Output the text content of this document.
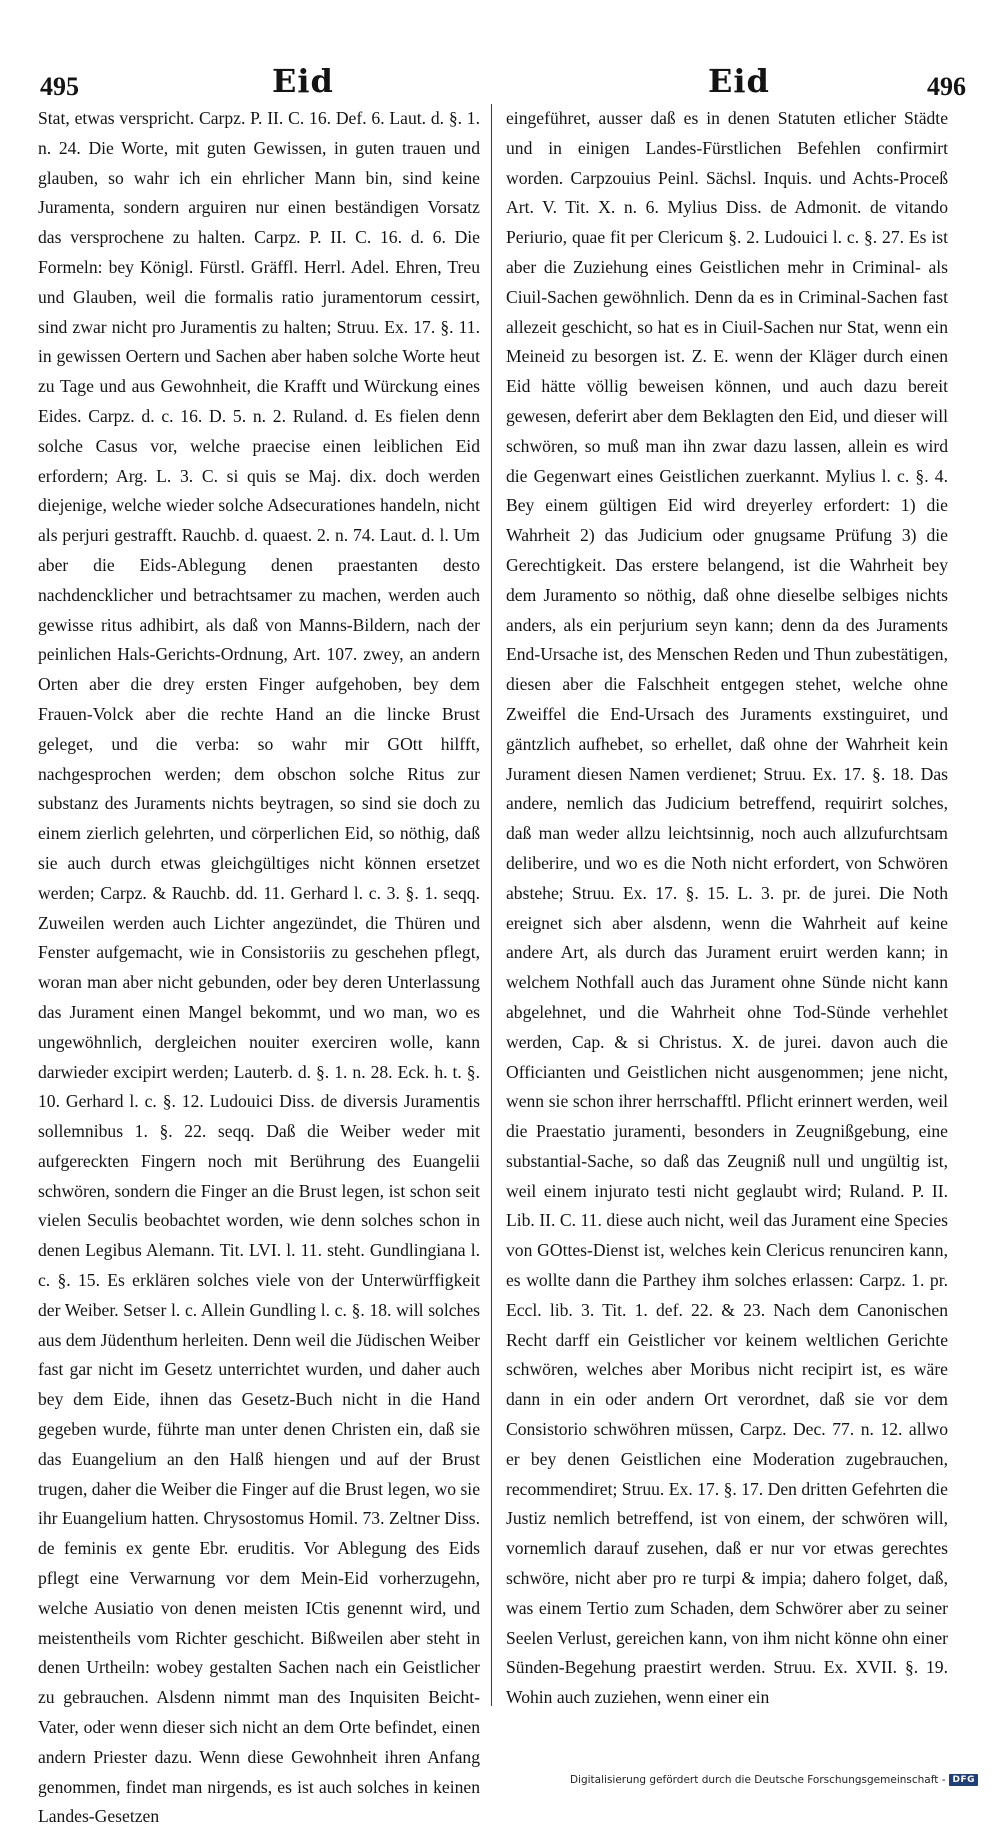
495	Eid	Eid	496

Stat, etwas verspricht. Carpz. P. II. C. 16. Def. 6. Laut. d. §. 1. n. 24. Die Worte, mit guten Gewissen, in guten trauen und glauben, so wahr ich ein ehrlicher Mann bin, sind keine Juramenta, sondern arguiren nur einen beständigen Vorsatz das versprochene zu halten. Carpz. P. II. C. 16. d. 6. Die Formeln: bey Königl. Fürstl. Gräffl. Herrl. Adel. Ehren, Treu und Glauben, weil die formalis ratio juramentorum cessirt, sind zwar nicht pro Juramentis zu halten; Struu. Ex. 17. §. 11. in gewissen Oertern und Sachen aber haben solche Worte heut zu Tage und aus Gewohnheit, die Krafft und Würckung eines Eides. Carpz. d. c. 16. D. 5. n. 2. Ruland. d. Es fielen denn solche Casus vor, welche praecise einen leiblichen Eid erfordern; Arg. L. 3. C. si quis se Maj. dix. doch werden diejenige, welche wieder solche Adsecurationes handeln, nicht als perjuri gestrafft. Rauchb. d. quaest. 2. n. 74. Laut. d. l. Um aber die Eids-Ablegung denen praestanten desto nachdencklicher und betrachtsamer zu machen, werden auch gewisse ritus adhibirt, als daß von Manns-Bildern, nach der peinlichen Hals-Gerichts-Ordnung, Art. 107. zwey, an andern Orten aber die drey ersten Finger aufgehoben, bey dem Frauen-Volck aber die rechte Hand an die lincke Brust geleget, und die verba: so wahr mir GOtt hilfft, nachgesprochen werden; dem obschon solche Ritus zur substanz des Juraments nichts beytragen, so sind sie doch zu einem zierlich gelehrten, und cörperlichen Eid, so nöthig, daß sie auch durch etwas gleichgültiges nicht können ersetzet werden; Carpz. & Rauchb. dd. 11. Gerhard l. c. 3. §. 1. seqq. Zuweilen werden auch Lichter angezündet, die Thüren und Fenster aufgemacht, wie in Consistoriis zu geschehen pflegt, woran man aber nicht gebunden, oder bey deren Unterlassung das Jurament einen Mangel bekommt, und wo man, wo es ungewöhnlich, dergleichen nouiter exerciren wolle, kann darwieder excipirt werden; Lauterb. d. §. 1. n. 28. Eck. h. t. §. 10. Gerhard l. c. §. 12. Ludouici Diss. de diversis Juramentis sollemnibus 1. §. 22. seqq. Daß die Weiber weder mit aufgereckten Fingern noch mit Berührung des Euangelii schwören, sondern die Finger an die Brust legen, ist schon seit vielen Seculis beobachtet worden, wie denn solches schon in denen Legibus Alemann. Tit. LVI. l. 11. steht. Gundlingiana l. c. §. 15. Es erklären solches viele von der Unterwürffigkeit der Weiber. Setser l. c. Allein Gundling l. c. §. 18. will solches aus dem Jüdenthum herleiten. Denn weil die Jüdischen Weiber fast gar nicht im Gesetz unterrichtet wurden, und daher auch bey dem Eide, ihnen das Gesetz-Buch nicht in die Hand gegeben wurde, führte man unter denen Christen ein, daß sie das Euangelium an den Halß hiengen und auf der Brust trugen, daher die Weiber die Finger auf die Brust legen, wo sie ihr Euangelium hatten. Chrysostomus Homil. 73. Zeltner Diss. de feminis ex gente Ebr. eruditis. Vor Ablegung des Eids pflegt eine Verwarnung vor dem Mein-Eid vorherzugehn, welche Ausiatio von denen meisten ICtis genennt wird, und meistentheils vom Richter geschicht. Bißweilen aber steht in denen Urtheiln: wobey gestalten Sachen nach ein Geistlicher zu gebrauchen. Alsdenn nimmt man des Inquisiten Beicht-Vater, oder wenn dieser sich nicht an dem Orte befindet, einen andern Priester dazu. Wenn diese Gewohnheit ihren Anfang genommen, findet man nirgends, es ist auch solches in keinen Landes-Gesetzen

eingeführet, ausser daß es in denen Statuten etlicher Städte und in einigen Landes-Fürstlichen Befehlen confirmirt worden. Carpzouius Peinl. Sächsl. Inquis. und Achts-Proceß Art. V. Tit. X. n. 6. Mylius Diss. de Admonit. de vitando Periurio, quae fit per Clericum §. 2. Ludouici l. c. §. 27. Es ist aber die Zuziehung eines Geistlichen mehr in Criminal- als Ciuil-Sachen gewöhnlich. Denn da es in Criminal-Sachen fast allezeit geschicht, so hat es in Ciuil-Sachen nur Stat, wenn ein Meineid zu besorgen ist. Z. E. wenn der Kläger durch einen Eid hätte völlig beweisen können, und auch dazu bereit gewesen, deferirt aber dem Beklagten den Eid, und dieser will schwören, so muß man ihn zwar dazu lassen, allein es wird die Gegenwart eines Geistlichen zuerkannt. Mylius l. c. §. 4. Bey einem gültigen Eid wird dreyerley erfordert: 1) die Wahrheit 2) das Judicium oder gnugsame Prüfung 3) die Gerechtigkeit. Das erstere belangend, ist die Wahrheit bey dem Juramento so nöthig, daß ohne dieselbe selbiges nichts anders, als ein perjurium seyn kann; denn da des Juraments End-Ursache ist, des Menschen Reden und Thun zubestätigen, diesen aber die Falschheit entgegen stehet, welche ohne Zweiffel die End-Ursach des Juraments exstinguiret, und gäntzlich aufhebet, so erhellet, daß ohne der Wahrheit kein Jurament diesen Namen verdienet; Struu. Ex. 17. §. 18. Das andere, nemlich das Judicium betreffend, requirirt solches, daß man weder allzu leichtsinnig, noch auch allzufurchtsam deliberire, und wo es die Noth nicht erfordert, von Schwören abstehe; Struu. Ex. 17. §. 15. L. 3. pr. de jurei. Die Noth ereignet sich aber alsdenn, wenn die Wahrheit auf keine andere Art, als durch das Jurament eruirt werden kann; in welchem Nothfall auch das Jurament ohne Sünde nicht kann abgelehnet, und die Wahrheit ohne Tod-Sünde verhehlet werden, Cap. & si Christus. X. de jurei. davon auch die Officianten und Geistlichen nicht ausgenommen; jene nicht, wenn sie schon ihrer herrschafftl. Pflicht erinnert werden, weil die Praestatio juramenti, besonders in Zeugnißgebung, eine substantial-Sache, so daß das Zeugniß null und ungültig ist, weil einem injurato testi nicht geglaubt wird; Ruland. P. II. Lib. II. C. 11. diese auch nicht, weil das Jurament eine Species von GOttes-Dienst ist, welches kein Clericus renunciren kann, es wollte dann die Parthey ihm solches erlassen: Carpz. 1. pr. Eccl. lib. 3. Tit. 1. def. 22. & 23. Nach dem Canonischen Recht darff ein Geistlicher vor keinem weltlichen Gerichte schwören, welches aber Moribus nicht recipirt ist, es wäre dann in ein oder andern Ort verordnet, daß sie vor dem Consistorio schwöhren müssen, Carpz. Dec. 77. n. 12. allwo er bey denen Geistlichen eine Moderation zugebrauchen, recommendiret; Struu. Ex. 17. §. 17. Den dritten Gefehrten die Justiz nemlich betreffend, ist von einem, der schwören will, vornemlich darauf zusehen, daß er nur vor etwas gerechtes schwöre, nicht aber pro re turpi & impia; dahero folget, daß, was einem Tertio zum Schaden, dem Schwörer aber zu seiner Seelen Verlust, gereichen kann, von ihm nicht könne ohn einer Sünden-Begehung praestirt werden. Struu. Ex. XVII. §. 19. Wohin auch zuziehen, wenn einer ein

Digitalisierung gefördert durch die Deutsche Forschungsgemeinschaft - DFG
